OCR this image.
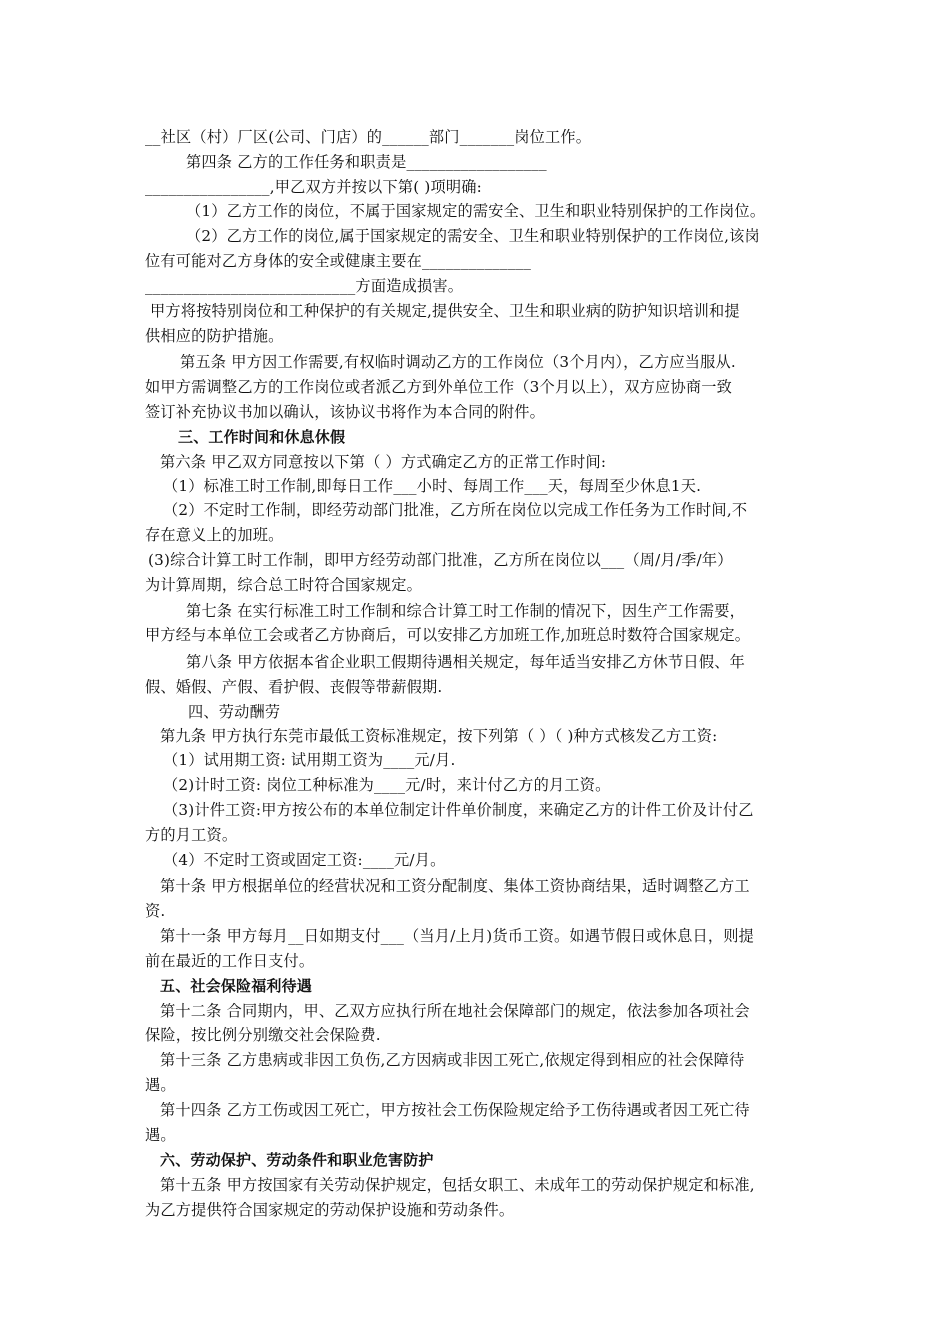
__社区（村）厂区(公司、门店）的______部门_______岗位工作。
第四条 乙方的工作任务和职责是__________________
________________,甲乙双方并按以下第( )项明确:
（1）乙方工作的岗位，不属于国家规定的需安全、卫生和职业特别保护的工作岗位。
（2）乙方工作的岗位,属于国家规定的需安全、卫生和职业特别保护的工作岗位,该岗
位有可能对乙方身体的安全或健康主要在______________
___________________________方面造成损害。
甲方将按特别岗位和工种保护的有关规定,提供安全、卫生和职业病的防护知识培训和提
供相应的防护措施。
第五条 甲方因工作需要,有权临时调动乙方的工作岗位（3个月内），乙方应当服从.
如甲方需调整乙方的工作岗位或者派乙方到外单位工作（3个月以上），双方应协商一致
签订补充协议书加以确认，该协议书将作为本合同的附件。
三、工作时间和休息休假
第六条 甲乙双方同意按以下第（ ）方式确定乙方的正常工作时间:
（1）标准工时工作制,即每日工作___小时、每周工作___天，每周至少休息1天.
（2）不定时工作制，即经劳动部门批准，乙方所在岗位以完成工作任务为工作时间,不
存在意义上的加班。
(3)综合计算工时工作制，即甲方经劳动部门批准，乙方所在岗位以___（周/月/季/年）
为计算周期，综合总工时符合国家规定。
第七条 在实行标准工时工作制和综合计算工时工作制的情况下，因生产工作需要，
甲方经与本单位工会或者乙方协商后，可以安排乙方加班工作,加班总时数符合国家规定。
第八条 甲方依据本省企业职工假期待遇相关规定，每年适当安排乙方休节日假、年
假、婚假、产假、看护假、丧假等带薪假期.
四、劳动酬劳
第九条 甲方执行东莞市最低工资标准规定，按下列第（ ）（ )种方式核发乙方工资:
（1）试用期工资: 试用期工资为____元/月.
（2)计时工资: 岗位工种标准为____元/时，来计付乙方的月工资。
（3)计件工资:甲方按公布的本单位制定计件单价制度，来确定乙方的计件工价及计付乙
方的月工资。
（4）不定时工资或固定工资:____元/月。
第十条 甲方根据单位的经营状况和工资分配制度、集体工资协商结果，适时调整乙方工
资.
第十一条 甲方每月__日如期支付___（当月/上月)货币工资。如遇节假日或休息日，则提
前在最近的工作日支付。
五、社会保险福利待遇
第十二条 合同期内，甲、乙双方应执行所在地社会保障部门的规定，依法参加各项社会
保险，按比例分别缴交社会保险费.
第十三条 乙方患病或非因工负伤,乙方因病或非因工死亡,依规定得到相应的社会保障待
遇。
第十四条 乙方工伤或因工死亡，甲方按社会工伤保险规定给予工伤待遇或者因工死亡待
遇。
六、劳动保护、劳动条件和职业危害防护
第十五条 甲方按国家有关劳动保护规定，包括女职工、未成年工的劳动保护规定和标准,
为乙方提供符合国家规定的劳动保护设施和劳动条件。
